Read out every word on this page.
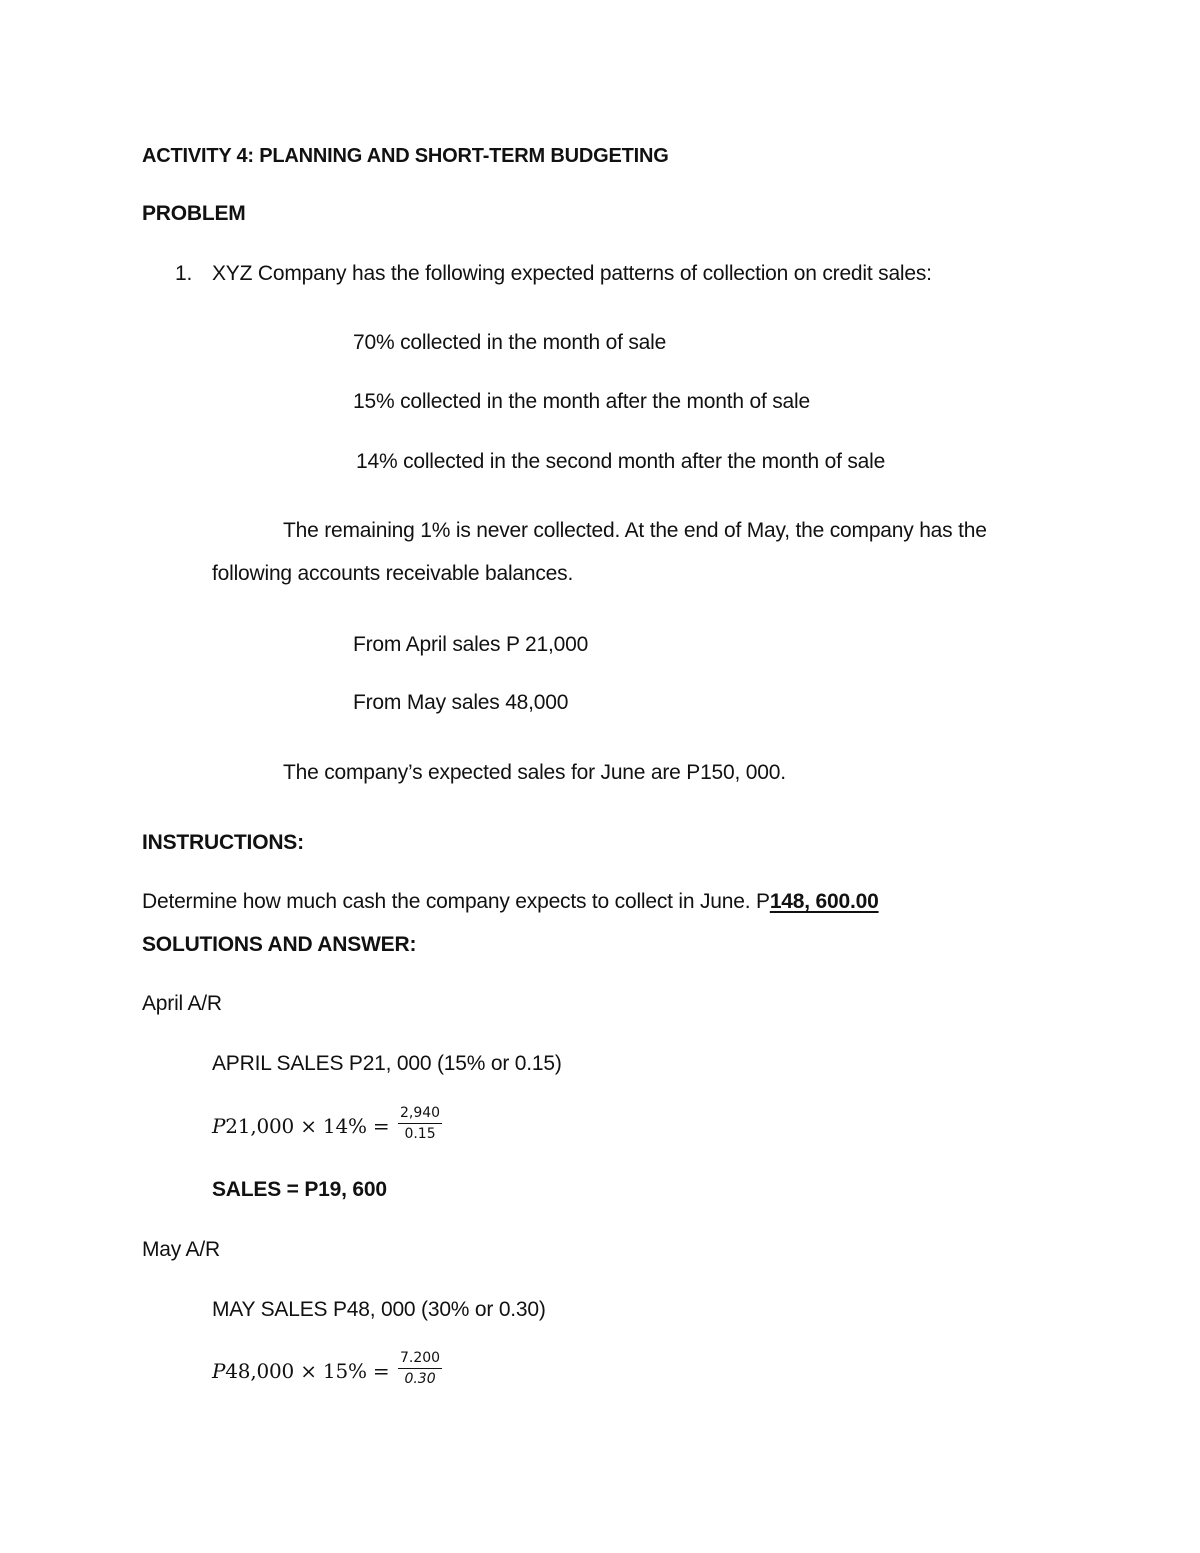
ACTIVITY 4: PLANNING AND SHORT-TERM BUDGETING
PROBLEM
1. XYZ Company has the following expected patterns of collection on credit sales:
70% collected in the month of sale
15% collected in the month after the month of sale
14% collected in the second month after the month of sale
The remaining 1% is never collected. At the end of May, the company has the
following accounts receivable balances.
From April sales P 21,000
From May sales 48,000
The company’s expected sales for June are P150, 000.
INSTRUCTIONS:
Determine how much cash the company expects to collect in June. P148, 600.00
SOLUTIONS AND ANSWER:
April A/R
APRIL SALES P21, 000 (15% or 0.15)
$P21,000 \times 14\% = \frac{2,940}{0.15}$
SALES = P19, 600
May A/R
MAY SALES P48, 000 (30% or 0.30)
$P48,000 \times 15\% = \frac{7.200}{0.30}$
